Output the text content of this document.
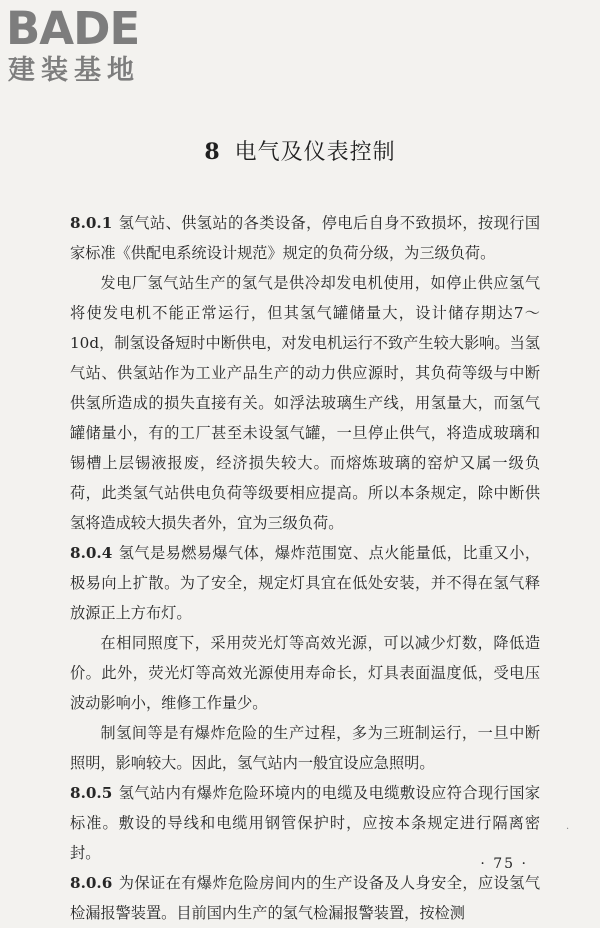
BADE
建装基地
8 电气及仪表控制

8.0.1 氢气站、供氢站的各类设备，停电后自身不致损坏，按现行国家标准《供配电系统设计规范》规定的负荷分级，为三级负荷。

发电厂氢气站生产的氢气是供冷却发电机使用，如停止供应氢气将使发电机不能正常运行，但其氢气罐储量大，设计储存期达7～10d，制氢设备短时中断供电，对发电机运行不致产生较大影响。当氢气站、供氢站作为工业产品生产的动力供应源时，其负荷等级与中断供氢所造成的损失直接有关。如浮法玻璃生产线，用氢量大，而氢气罐储量小，有的工厂甚至未设氢气罐，一旦停止供气，将造成玻璃和锡槽上层锡液报废，经济损失较大。而熔炼玻璃的窑炉又属一级负荷，此类氢气站供电负荷等级要相应提高。所以本条规定，除中断供氢将造成较大损失者外，宜为三级负荷。

8.0.4 氢气是易燃易爆气体，爆炸范围宽、点火能量低，比重又小，极易向上扩散。为了安全，规定灯具宜在低处安装，并不得在氢气释放源正上方布灯。

在相同照度下，采用荧光灯等高效光源，可以减少灯数，降低造价。此外，荧光灯等高效光源使用寿命长，灯具表面温度低，受电压波动影响小，维修工作量少。

制氢间等是有爆炸危险的生产过程，多为三班制运行，一旦中断照明，影响较大。因此，氢气站内一般宜设应急照明。

8.0.5 氢气站内有爆炸危险环境内的电缆及电缆敷设应符合现行国家标准。敷设的导线和电缆用钢管保护时，应按本条规定进行隔离密封。

8.0.6 为保证在有爆炸危险房间内的生产设备及人身安全，应设氢气检漏报警装置。目前国内生产的氢气检漏报警装置，按检测

·
· 75 ·
